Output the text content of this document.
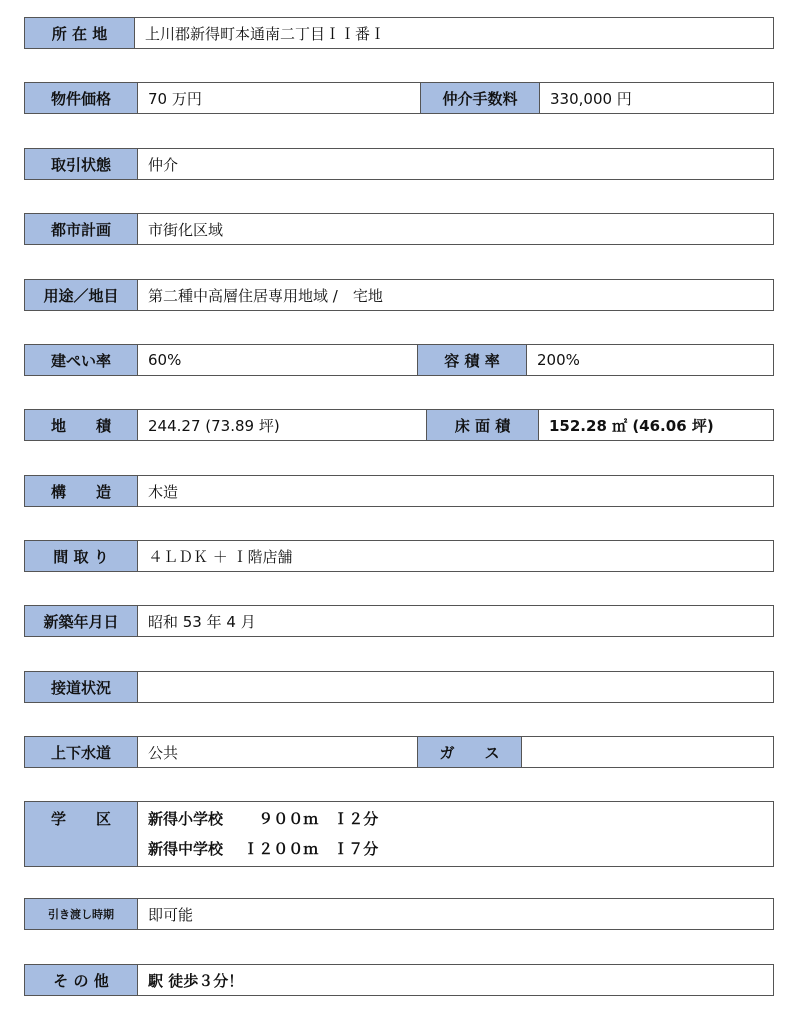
所 在 地	上川郡新得町本通南二丁目ＩＩ番Ｉ
物件価格	70 万円	仲介手数料	330,000 円
取引状態	仲介
都市計画	市街化区域
用途／地目	第二種中高層住居専用地域 /　宅地
建ぺい率	60%	容 積 率	200%
地　　積	244.27 (73.89 坪)	床 面 積	152.28 ㎡ (46.06 坪)
構　　造	木造
間 取 り	４ＬＤＫ ＋ Ｉ階店舗
新築年月日	昭和 53 年 4 月
接道状況
上下水道	公共	ガ　　ス
学　　区	新得小学校　　 ９００ｍ　Ｉ２分
新得中学校　 Ｉ２００ｍ　Ｉ７分
引き渡し時期	即可能
そ の 他	駅 徒歩３分！
